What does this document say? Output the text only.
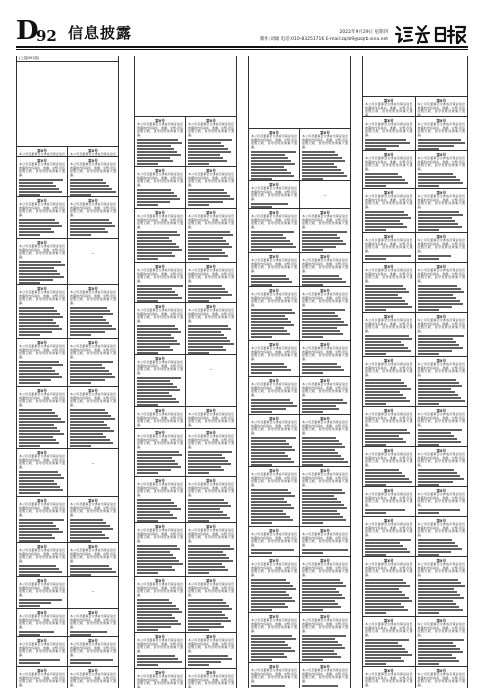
D
92 信息披露	2022年9月29日 星期四
制作:刘雄 电话:010-83251716 E-mail:zqrb9@zqrb.sina.net
(上接D91版)
第X号
本公司及董事会全体成员保证信息
第X号
本公司及董事会全体成员保证信息
第X号
本公司及董事会全体成员保证信息披露的内容真实、准确、完整,没有虚假记载、误导性陈述或重大遗漏。
第X号
本公司及董事会全体成员保证信息披露的内容真实、准确、完整,没有虚假记载、误导性陈述或重大遗漏。
第X号
本公司及董事会全体成员保证信息披露的内容真实、准确、完整,没有虚假记载、误导性陈述或重大遗漏。
第X号
本公司及董事会全体成员保证信息披露的内容真实、准确、完整,没有虚假记载、误导性陈述或重大遗漏。
第X号
本公司及董事会全体成员保证信息披露的内容真实、准确、完整,没有虚假记载、误导性陈述或重大遗漏。
—
第X号
本公司及董事会全体成员保证信息披露的内容真实、准确、完整,没有虚假记载、误导性陈述或重大遗漏。
第X号
本公司及董事会全体成员保证信息披露的内容真实、准确、完整,没有虚假记载、误导性陈述或重大遗漏。
第X号
本公司及董事会全体成员保证信息披露的内容真实、准确、完整,没有虚假记载、误导性陈述或重大遗漏。
第X号
本公司及董事会全体成员保证信息披露的内容真实、准确、完整,没有虚假记载、误导性陈述或重大遗漏。
第X号
本公司及董事会全体成员保证信息披露的内容真实、准确、完整,没有虚假记载、误导性陈述或重大遗漏。
第X号
本公司及董事会全体成员保证信息披露的内容真实、准确、完整,没有虚假记载、误导性陈述或重大遗漏。
第X号
本公司及董事会全体成员保证信息披露的内容真实、准确、完整,没有虚假记载、误导性陈述或重大遗漏。
—
第X号
本公司及董事会全体成员保证信息披露的内容真实、准确、完整,没有虚假记载、误导性陈述或重大遗漏。
第X号
本公司及董事会全体成员保证信息披露的内容真实、准确、完整,没有虚假记载、误导性陈述或重大遗漏。
第X号
本公司及董事会全体成员保证信息披露的内容真实、准确、完整,没有虚假记载、误导性陈述或重大遗漏。
第X号
本公司及董事会全体成员保证信息披露的内容真实、准确、完整,没有虚假记载、误导性陈述或重大遗漏。
第X号
本公司及董事会全体成员保证信息披露的内容真实、准确、完整,没有虚假记载、误导性陈述或重大遗漏。
—
第X号
本公司及董事会全体成员保证信息披露的内容真实、准确、完整,没有虚假记载、误导性陈述或重大遗漏。
第X号
本公司及董事会全体成员保证信息披露的内容真实、准确、完整,没有虚假记载、误导性陈述或重大遗漏。
第X号
本公司及董事会全体成员保证信息披露的内容真实、准确、完整,没有虚假记载、误导性陈述或重大遗漏。
第X号
本公司及董事会全体成员保证信息披露的内容真实、准确、完整,没有虚假记载、误导性陈述或重大遗漏。
第X号
本公司及董事会全体成员保证信息披露的内容真实、准确、完整,没有虚假记载、误导性陈述或重大遗漏。
第X号
本公司及董事会全体成员保证信息披露的内容真实、准确、完整,没有虚假记载、误导性陈述或重大遗漏。
第X号
本公司及董事会全体成员保证信息披露的内容真实、准确、完整,没有虚假记载、误导性陈述或重大遗漏。
第X号
本公司及董事会全体成员保证信息披露的内容真实、准确、完整,没有虚假记载、误导性陈述或重大遗漏。
第X号
本公司及董事会全体成员保证信息披露的内容真实、准确、完整,没有虚假记载、误导性陈述或重大遗漏。
第X号
本公司及董事会全体成员保证信息披露的内容真实、准确、完整,没有虚假记载、误导性陈述或重大遗漏。
第X号
本公司及董事会全体成员保证信息披露的内容真实、准确、完整,没有虚假记载、误导性陈述或重大遗漏。
第X号
本公司及董事会全体成员保证信息披露的内容真实、准确、完整,没有虚假记载、误导性陈述或重大遗漏。
第X号
本公司及董事会全体成员保证信息披露的内容真实、准确、完整,没有虚假记载、误导性陈述或重大遗漏。
第X号
本公司及董事会全体成员保证信息披露的内容真实、准确、完整,没有虚假记载、误导性陈述或重大遗漏。
第X号
本公司及董事会全体成员保证信息披露的内容真实、准确、完整,没有虚假记载、误导性陈述或重大遗漏。
第X号
本公司及董事会全体成员保证信息披露的内容真实、准确、完整,没有虚假记载、误导性陈述或重大遗漏。
第X号
本公司及董事会全体成员保证信息披露的内容真实、准确、完整,没有虚假记载、误导性陈述或重大遗漏。
—
第X号
本公司及董事会全体成员保证信息披露的内容真实、准确、完整,没有虚假记载、误导性陈述或重大遗漏。
第X号
本公司及董事会全体成员保证信息披露的内容真实、准确、完整,没有虚假记载、误导性陈述或重大遗漏。
第X号
本公司及董事会全体成员保证信息披露的内容真实、准确、完整,没有虚假记载、误导性陈述或重大遗漏。
第X号
本公司及董事会全体成员保证信息披露的内容真实、准确、完整,没有虚假记载、误导性陈述或重大遗漏。
第X号
本公司及董事会全体成员保证信息披露的内容真实、准确、完整,没有虚假记载、误导性陈述或重大遗漏。
第X号
本公司及董事会全体成员保证信息披露的内容真实、准确、完整,没有虚假记载、误导性陈述或重大遗漏。
第X号
本公司及董事会全体成员保证信息披露的内容真实、准确、完整,没有虚假记载、误导性陈述或重大遗漏。
第X号
本公司及董事会全体成员保证信息披露的内容真实、准确、完整,没有虚假记载、误导性陈述或重大遗漏。
第X号
本公司及董事会全体成员保证信息披露的内容真实、准确、完整,没有虚假记载、误导性陈述或重大遗漏。
第X号
本公司及董事会全体成员保证信息披露的内容真实、准确、完整,没有虚假记载、误导性陈述或重大遗漏。
第X号
本公司及董事会全体成员保证信息披露的内容真实、准确、完整,没有虚假记载、误导性陈述或重大遗漏。
第X号
本公司及董事会全体成员保证信息披露的内容真实、准确、完整,没有虚假记载、误导性陈述或重大遗漏。
第X号
本公司及董事会全体成员保证信息披露的内容真实、准确、完整,没有虚假记载、误导性陈述或重大遗漏。
第X号
本公司及董事会全体成员保证信息披露的内容真实、准确、完整,没有虚假记载、误导性陈述或重大遗漏。
第X号
本公司及董事会全体成员保证信息披露的内容真实、准确、完整,没有虚假记载、误导性陈述或重大遗漏。
第X号
本公司及董事会全体成员保证信息披露的内容真实、准确、完整,没有虚假记载、误导性陈述或重大遗漏。
第X号
本公司及董事会全体成员保证信息披露的内容真实、准确、完整,没有虚假记载、误导性陈述或重大遗漏。
—
第X号
本公司及董事会全体成员保证信息披露的内容真实、准确、完整,没有虚假记载、误导性陈述或重大遗漏。
第X号
本公司及董事会全体成员保证信息披露的内容真实、准确、完整,没有虚假记载、误导性陈述或重大遗漏。
第X号
本公司及董事会全体成员保证信息披露的内容真实、准确、完整,没有虚假记载、误导性陈述或重大遗漏。
第X号
本公司及董事会全体成员保证信息披露的内容真实、准确、完整,没有虚假记载、误导性陈述或重大遗漏。
第X号
本公司及董事会全体成员保证信息披露的内容真实、准确、完整,没有虚假记载、误导性陈述或重大遗漏。
第X号
本公司及董事会全体成员保证信息披露的内容真实、准确、完整,没有虚假记载、误导性陈述或重大遗漏。
第X号
本公司及董事会全体成员保证信息披露的内容真实、准确、完整,没有虚假记载、误导性陈述或重大遗漏。
第X号
本公司及董事会全体成员保证信息披露的内容真实、准确、完整,没有虚假记载、误导性陈述或重大遗漏。
第X号
本公司及董事会全体成员保证信息披露的内容真实、准确、完整,没有虚假记载、误导性陈述或重大遗漏。
第X号
本公司及董事会全体成员保证信息披露的内容真实、准确、完整,没有虚假记载、误导性陈述或重大遗漏。
第X号
本公司及董事会全体成员保证信息披露的内容真实、准确、完整,没有虚假记载、误导性陈述或重大遗漏。
第X号
本公司及董事会全体成员保证信息披露的内容真实、准确、完整,没有虚假记载、误导性陈述或重大遗漏。
第X号
本公司及董事会全体成员保证信息披露的内容真实、准确、完整,没有虚假记载、误导性陈述或重大遗漏。
第X号
本公司及董事会全体成员保证信息披露的内容真实、准确、完整,没有虚假记载、误导性陈述或重大遗漏。
第X号
本公司及董事会全体成员保证信息披露的内容真实、准确、完整,没有虚假记载、误导性陈述或重大遗漏。
第X号
本公司及董事会全体成员保证信息披露的内容真实、准确、完整,没有虚假记载、误导性陈述或重大遗漏。
第X号
本公司及董事会全体成员保证信息披露的内容真实、准确、完整,没有虚假记载、误导性陈述或重大遗漏。
第X号
本公司及董事会全体成员保证信息披露的内容真实、准确、完整,没有虚假记载、误导性陈述或重大遗漏。
第X号
本公司及董事会全体成员保证信息披露的内容真实、准确、完整,没有虚假记载、误导性陈述或重大遗漏。
第X号
本公司及董事会全体成员保证信息披露的内容真实、准确、完整,没有虚假记载、误导性陈述或重大遗漏。
第X号
本公司及董事会全体成员保证信息披露的内容真实、准确、完整,没有虚假记载、误导性陈述或重大遗漏。
第X号
本公司及董事会全体成员保证信息披露的内容真实、准确、完整,没有虚假记载、误导性陈述或重大遗漏。
第X号
本公司及董事会全体成员保证信息披露的内容真实、准确、完整,没有虚假记载、误导性陈述或重大遗漏。
第X号
本公司及董事会全体成员保证信息披露的内容真实、准确、完整,没有虚假记载、误导性陈述或重大遗漏。
第X号
本公司及董事会全体成员保证信息披露的内容真实、准确、完整,没有虚假记载、误导性陈述或重大遗漏。
第X号
本公司及董事会全体成员保证信息披露的内容真实、准确、完整,没有虚假记载、误导性陈述或重大遗漏。
第X号
本公司及董事会全体成员保证信息披露的内容真实、准确、完整,没有虚假记载、误导性陈述或重大遗漏。
第X号
本公司及董事会全体成员保证信息披露的内容真实、准确、完整,没有虚假记载、误导性陈述或重大遗漏。
第X号
本公司及董事会全体成员保证信息披露的内容真实、准确、完整,没有虚假记载、误导性陈述或重大遗漏。
第X号
本公司及董事会全体成员保证信息披露的内容真实、准确、完整,没有虚假记载、误导性陈述或重大遗漏。
第X号
本公司及董事会全体成员保证信息披露的内容真实、准确、完整,没有虚假记载、误导性陈述或重大遗漏。
第X号
本公司及董事会全体成员保证信息披露的内容真实、准确、完整,没有虚假记载、误导性陈述或重大遗漏。
第X号
本公司及董事会全体成员保证信息披露的内容真实、准确、完整,没有虚假记载、误导性陈述或重大遗漏。
第X号
本公司及董事会全体成员保证信息披露的内容真实、准确、完整,没有虚假记载、误导性陈述或重大遗漏。
第X号
本公司及董事会全体成员保证信息披露的内容真实、准确、完整,没有虚假记载、误导性陈述或重大遗漏。
第X号
本公司及董事会全体成员保证信息披露的内容真实、准确、完整,没有虚假记载、误导性陈述或重大遗漏。
第X号
本公司及董事会全体成员保证信息披露的内容真实、准确、完整,没有虚假记载、误导性陈述或重大遗漏。
第X号
本公司及董事会全体成员保证信息披露的内容真实、准确、完整,没有虚假记载、误导性陈述或重大遗漏。
第X号
本公司及董事会全体成员保证信息披露的内容真实、准确、完整,没有虚假记载、误导性陈述或重大遗漏。
第X号
本公司及董事会全体成员保证信息披露的内容真实、准确、完整,没有虚假记载、误导性陈述或重大遗漏。
第X号
本公司及董事会全体成员保证信息披露的内容真实、准确、完整,没有虚假记载、误导性陈述或重大遗漏。
第X号
本公司及董事会全体成员保证信息披露的内容真实、准确、完整,没有虚假记载、误导性陈述或重大遗漏。
第X号
本公司及董事会全体成员保证信息披露的内容真实、准确、完整,没有虚假记载、误导性陈述或重大遗漏。
第X号
本公司及董事会全体成员保证信息披露的内容真实、准确、完整,没有虚假记载、误导性陈述或重大遗漏。
第X号
本公司及董事会全体成员保证信息披露的内容真实、准确、完整,没有虚假记载、误导性陈述或重大遗漏。
第X号
本公司及董事会全体成员保证信息披露的内容真实、准确、完整,没有虚假记载、误导性陈述或重大遗漏。
第X号
本公司及董事会全体成员保证信息披露的内容真实、准确、完整,没有虚假记载、误导性陈述或重大遗漏。
第X号
本公司及董事会全体成员保证信息披露的内容真实、准确、完整,没有虚假记载、误导性陈述或重大遗漏。
第X号
本公司及董事会全体成员保证信息披露的内容真实、准确、完整,没有虚假记载、误导性陈述或重大遗漏。
第X号
本公司及董事会全体成员保证信息披露的内容真实、准确、完整,没有虚假记载、误导性陈述或重大遗漏。
第X号
本公司及董事会全体成员保证信息披露的内容真实、准确、完整,没有虚假记载、误导性陈述或重大遗漏。
第X号
本公司及董事会全体成员保证信息披露的内容真实、准确、完整,没有虚假记载、误导性陈述或重大遗漏。
